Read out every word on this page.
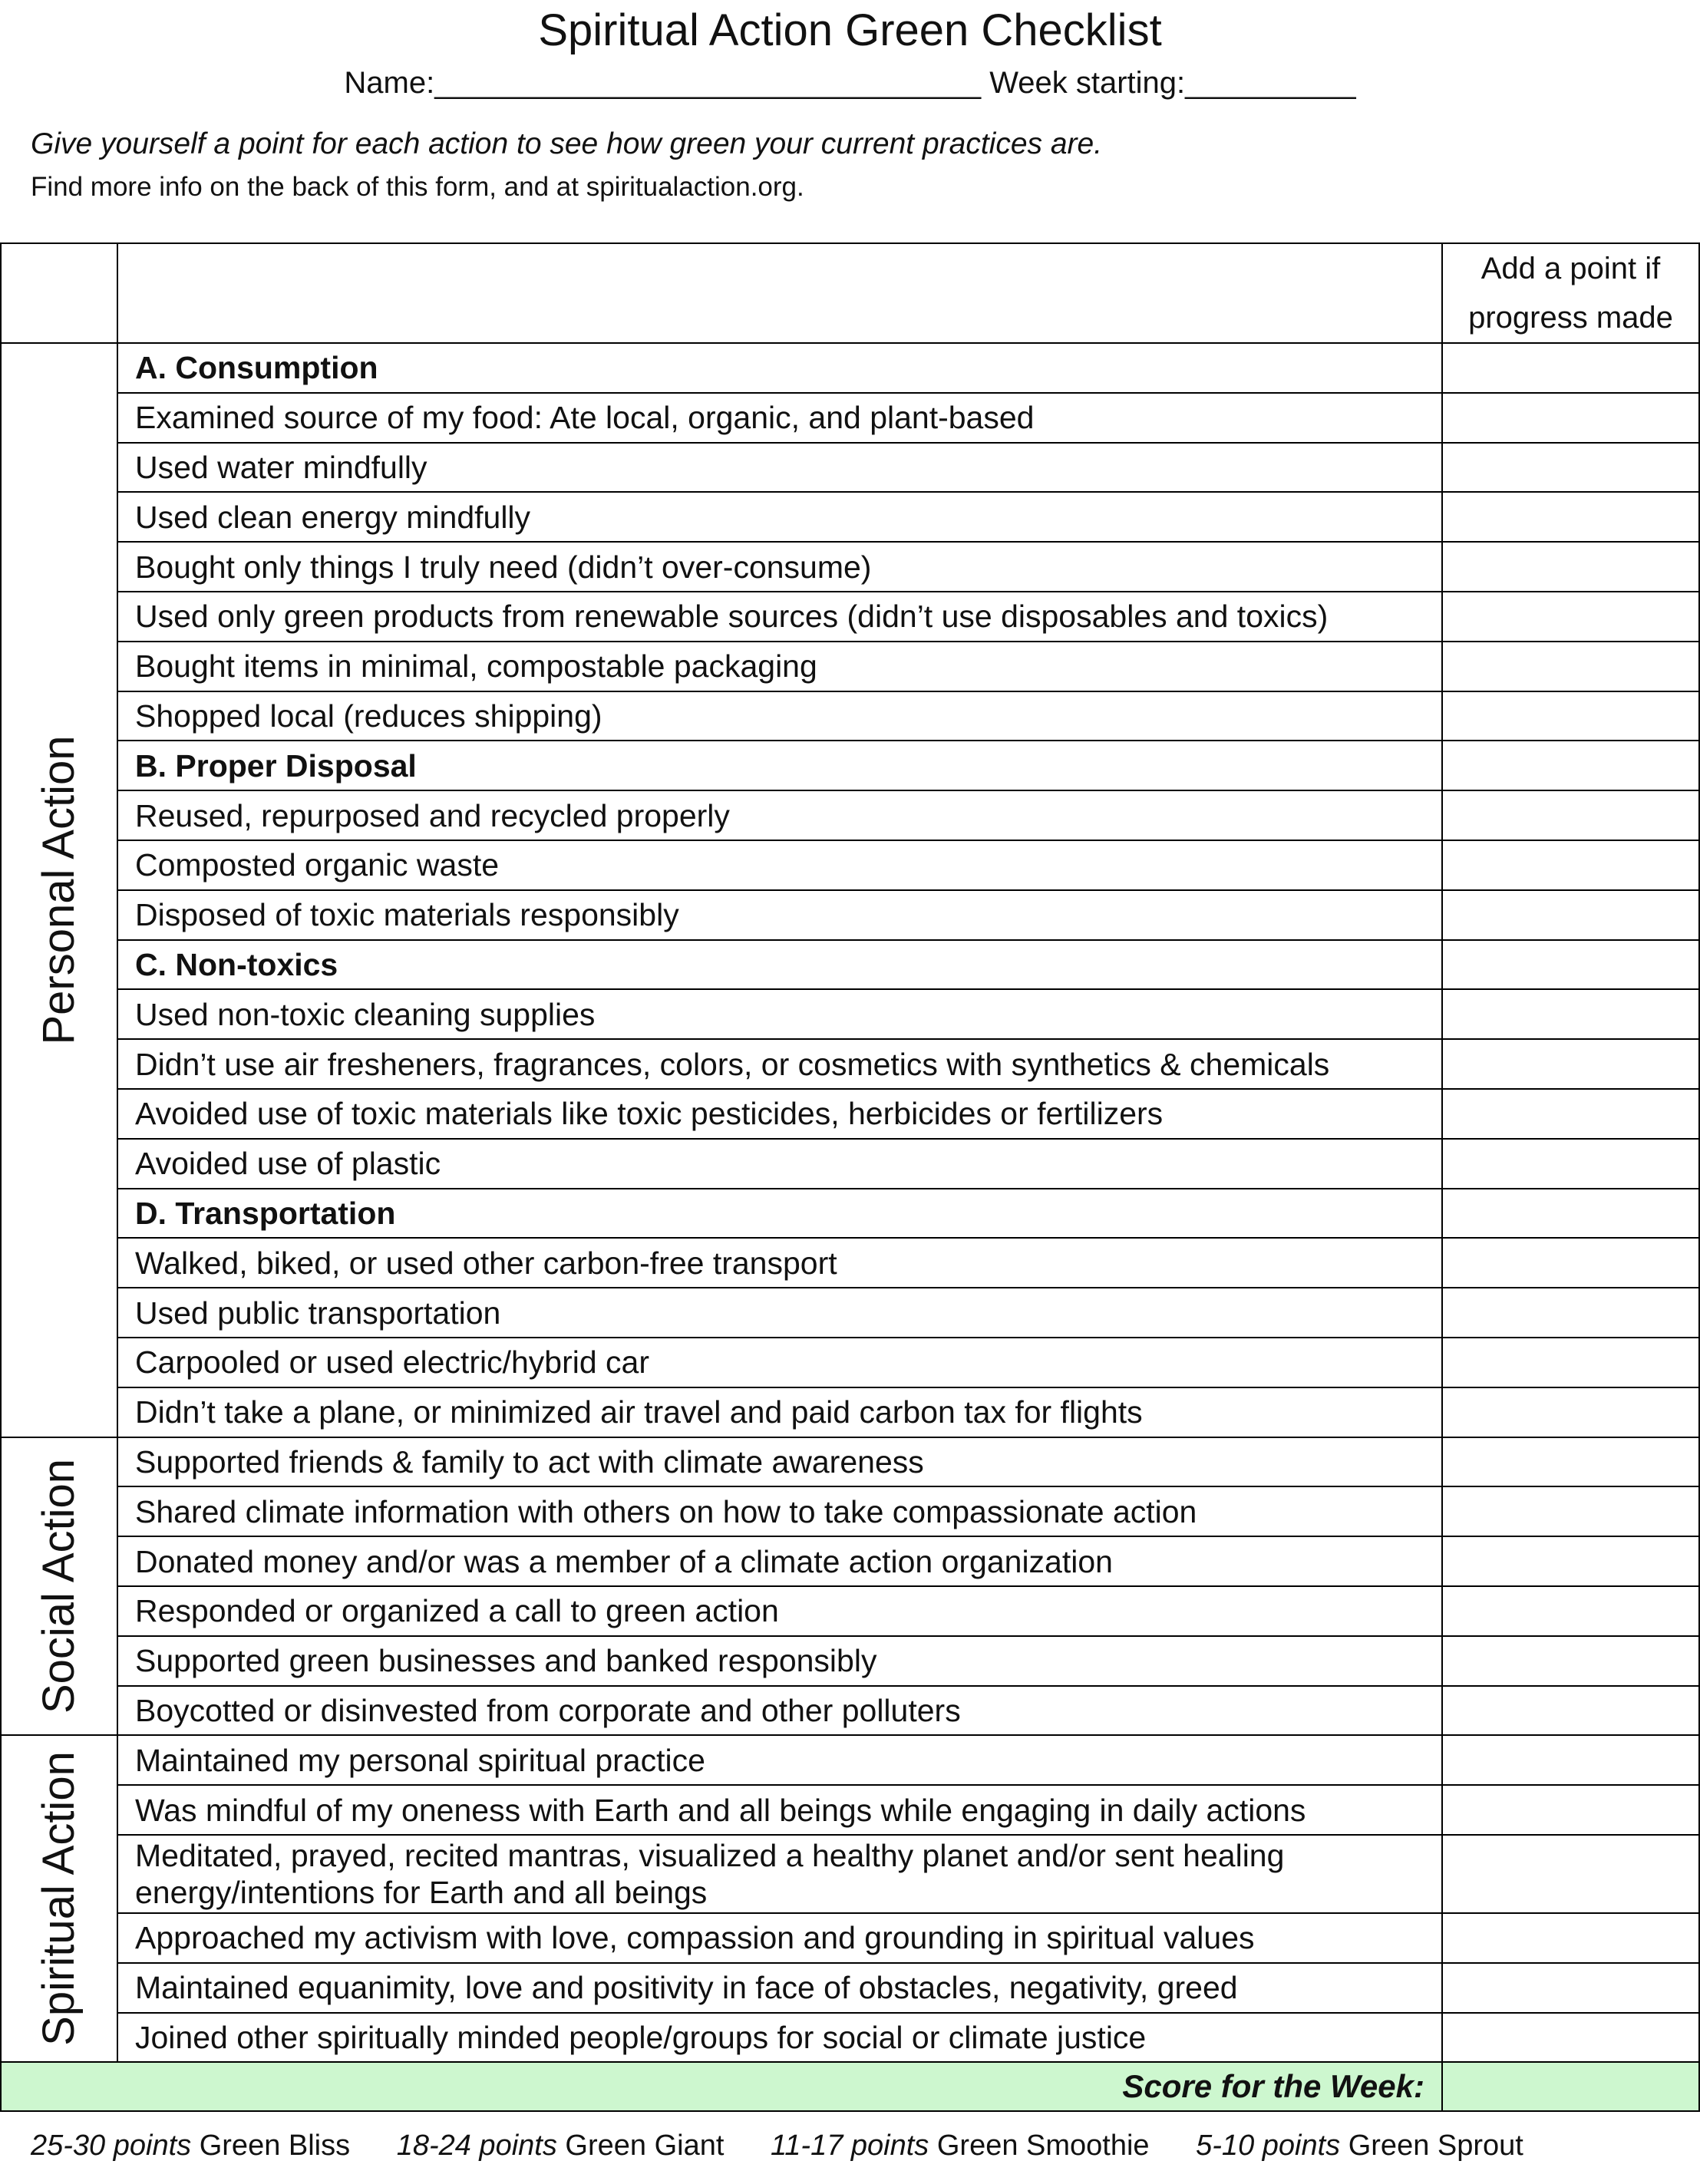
Spiritual Action Green Checklist
Name:________________________________ Week starting:__________
Give yourself a point for each action to see how green your current practices are.
Find more info on the back of this form, and at spiritualaction.org.
		Add a point if progress made

Personal Action	A. Consumption	
	Examined source of my food: Ate local, organic, and plant-based	
	Used water mindfully	
	Used clean energy mindfully	
	Bought only things I truly need (didn’t over-consume)	
	Used only green products from renewable sources (didn’t use disposables and toxics)	
	Bought items in minimal, compostable packaging	
	Shopped local (reduces shipping)	
	B. Proper Disposal	
	Reused, repurposed and recycled properly	
	Composted organic waste	
	Disposed of toxic materials responsibly	
	C. Non-toxics	
	Used non-toxic cleaning supplies	
	Didn’t use air fresheners, fragrances, colors, or cosmetics with synthetics & chemicals	
	Avoided use of toxic materials like toxic pesticides, herbicides or fertilizers	
	Avoided use of plastic	
	D. Transportation	
	Walked, biked, or used other carbon-free transport	
	Used public transportation	
	Carpooled or used electric/hybrid car	
	Didn’t take a plane, or minimized air travel and paid carbon tax for flights	

Social Action	Supported friends & family to act with climate awareness	
	Shared climate information with others on how to take compassionate action	
	Donated money and/or was a member of a climate action organization	
	Responded or organized a call to green action	
	Supported green businesses and banked responsibly	
	Boycotted or disinvested from corporate and other polluters	

Spiritual Action	Maintained my personal spiritual practice	
	Was mindful of my oneness with Earth and all beings while engaging in daily actions	
	Meditated, prayed, recited mantras, visualized a healthy planet and/or sent healing energy/intentions for Earth and all beings	
	Approached my activism with love, compassion and grounding in spiritual values	
	Maintained equanimity, love and positivity in face of obstacles, negativity, greed	
	Joined other spiritually minded people/groups for social or climate justice	
Score for the Week:		
25-30 points Green Bliss 18-24 points Green Giant 11-17 points Green Smoothie 5-10 points Green Sprout
